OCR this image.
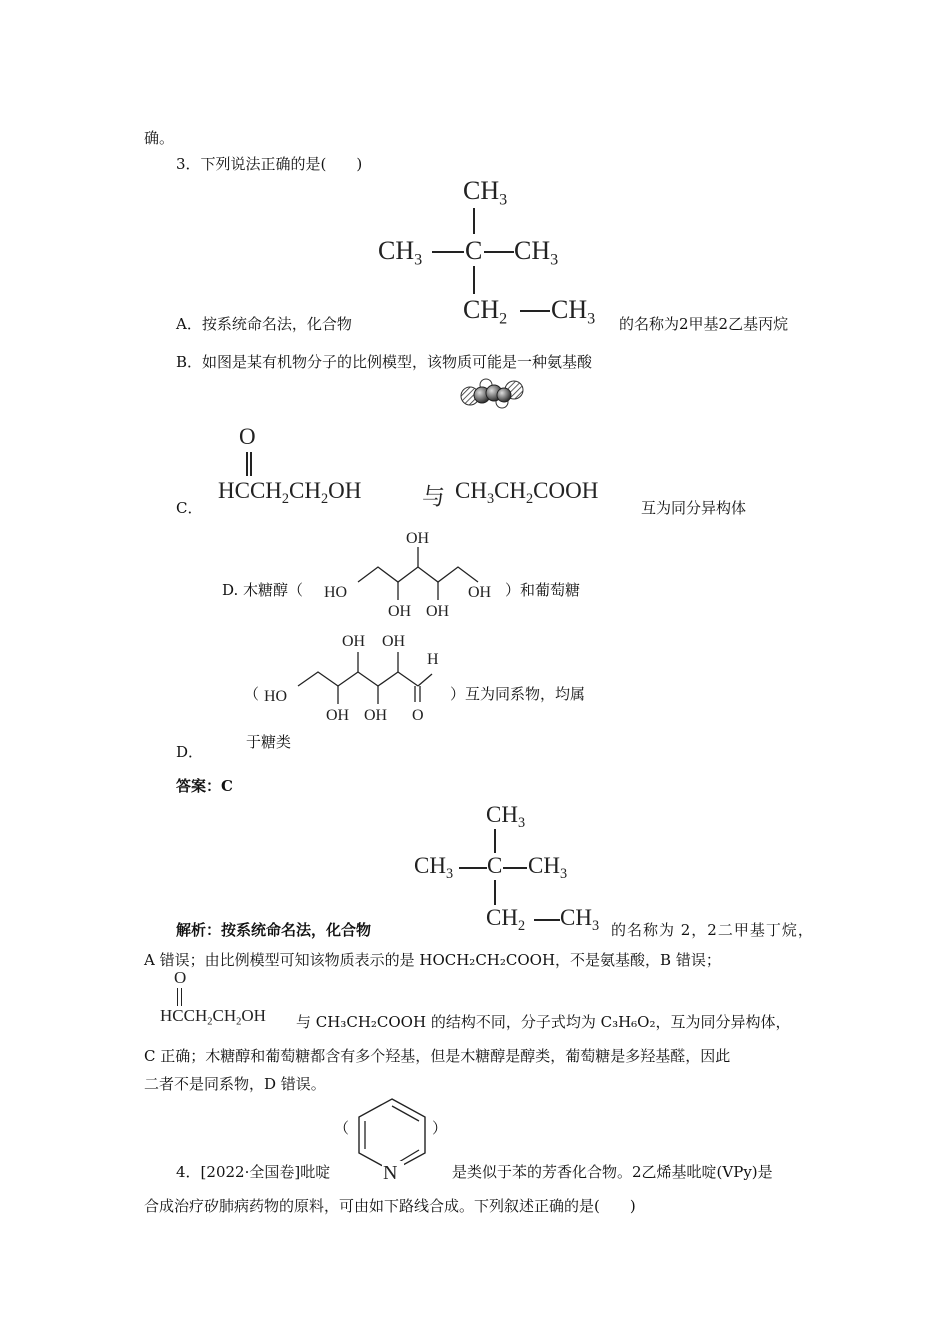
确。
3．下列说法正确的是(　　)
$CH_3$
$CH_3$ C $CH_3$
$CH_2$ $CH_3$
A．按系统命名法，化合物	的名称为2甲基2乙基丙烷
B．如图是某有机物分子的比例模型，该物质可能是一种氨基酸
O
$HCCH_2CH_2OH$	与 $CH_3CH_2COOH$
C．	互为同分异构体
D. 木糖醇（ HO	OH
OH OH
OH
）和葡萄糖
（ HO
OH OH
OH OH
H
O
）互为同系物，均属
于糖类
D．
答案：C
$CH_3$
$CH_3$ C $CH_3$
$CH_2$ $CH_3$
解析：按系统命名法，化合物	的名称为 2，2二甲基丁烷，
A 错误；由比例模型可知该物质表示的是 HOCH₂CH₂COOH，不是氨基酸，B 错误；
O
$HCCH_2CH_2OH$ 与 CH₃CH₂COOH 的结构不同，分子式均为 C₃H₆O₂，互为同分异构体，
C 正确；木糖醇和葡萄糖都含有多个羟基，但是木糖醇是醇类，葡萄糖是多羟基醛，因此
二者不是同系物，D 错误。
（
N
）
4．[2022·全国卷]吡啶	是类似于苯的芳香化合物。2乙烯基吡啶(VPy)是
合成治疗矽肺病药物的原料，可由如下路线合成。下列叙述正确的是(　　)
